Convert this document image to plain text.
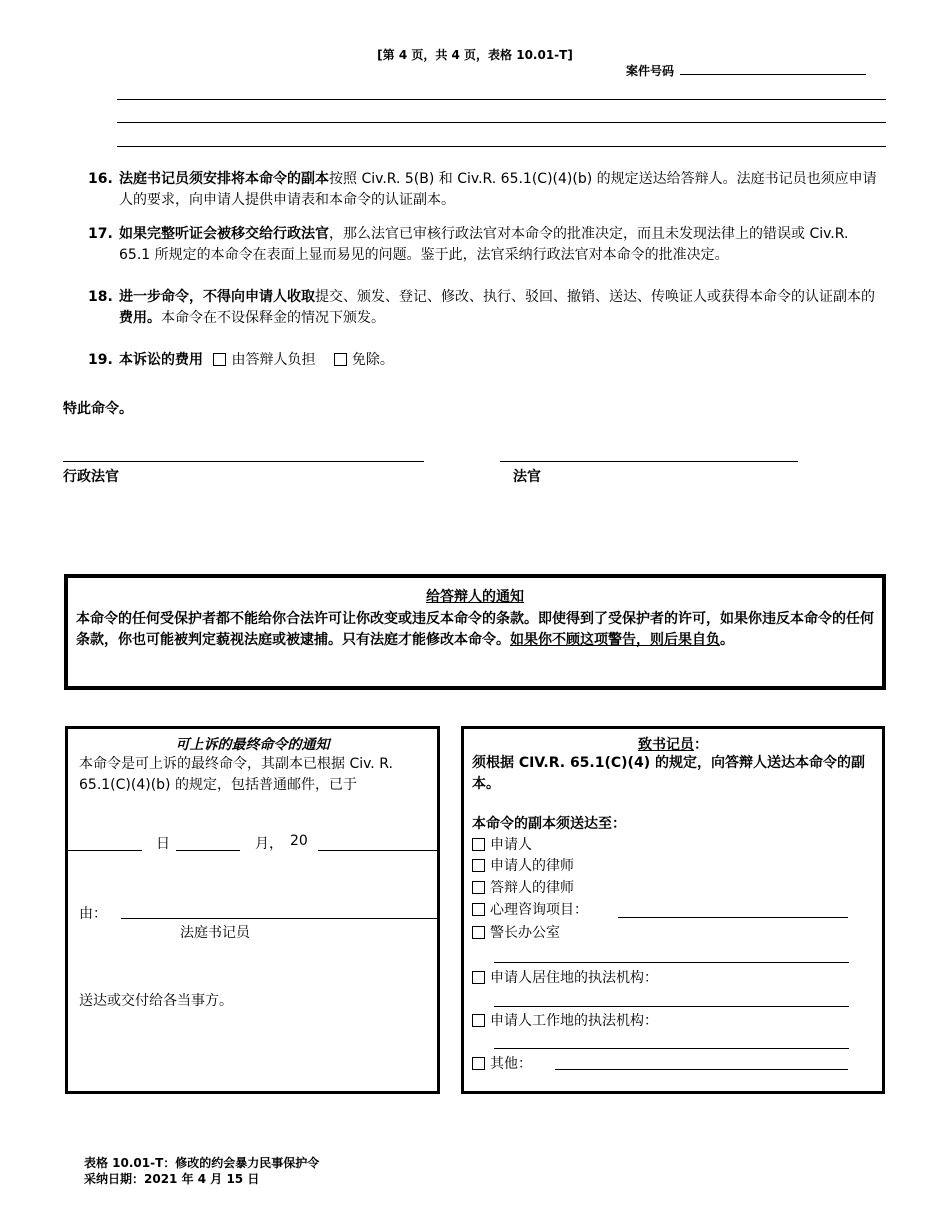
[第 4 页，共 4 页，表格 10.01-T]
案件号码
16. 法庭书记员须安排将本命令的副本按照 Civ.R. 5(B) 和 Civ.R. 65.1(C)(4)(b) 的规定送达给答辩人。法庭书记员也须应申请人的要求，向申请人提供申请表和本命令的认证副本。
17. 如果完整听证会被移交给行政法官，那么法官已审核行政法官对本命令的批准决定，而且未发现法律上的错误或 Civ.R. 65.1 所规定的本命令在表面上显而易见的问题。鉴于此，法官采纳行政法官对本命令的批准决定。
18. 进一步命令，不得向申请人收取提交、颁发、登记、修改、执行、驳回、撤销、送达、传唤证人或获得本命令的认证副本的费用。本命令在不设保释金的情况下颁发。
19. 本诉讼的费用 由答辩人负担	免除。
特此命令。
行政法官	法官
给答辩人的通知
本命令的任何受保护者都不能给你合法许可让你改变或违反本命令的条款。即使得到了受保护者的许可，如果你违反本命令的任何条款，你也可能被判定藐视法庭或被逮捕。只有法庭才能修改本命令。如果你不顾这项警告，则后果自负。
可上诉的最终命令的通知
本命令是可上诉的最终命令，其副本已根据 Civ. R. 65.1(C)(4)(b) 的规定，包括普通邮件，已于
日	月， 20
由：
法庭书记员
送达或交付给各当事方。
致书记员：
须根据 CIV.R. 65.1(C)(4) 的规定，向答辩人送达本命令的副本。
本命令的副本须送达至：
申请人
申请人的律师
答辩人的律师
心理咨询项目：
警长办公室
申请人居住地的执法机构：
申请人工作地的执法机构：
其他：
表格 10.01-T：修改的约会暴力民事保护令
采纳日期：2021 年 4 月 15 日
